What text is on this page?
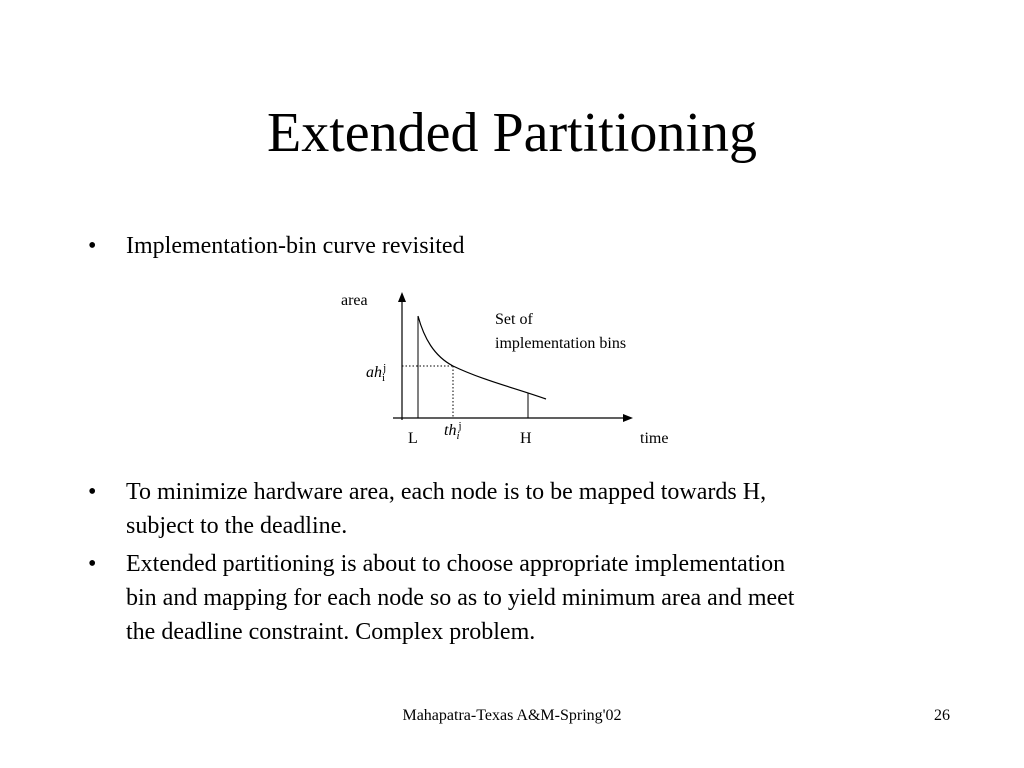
Extended Partitioning
• Implementation-bin curve revisited
area
time
Set of
implementation bins
$ah_ij$
$th_ij$
L	H
• To minimize hardware area, each node is to be mapped towards H,
subject to the deadline.
• Extended partitioning is about to choose appropriate implementation
bin and mapping for each node so as to yield minimum area and meet
the deadline constraint. Complex problem.
Mahapatra-Texas A&M-Spring'02	26
